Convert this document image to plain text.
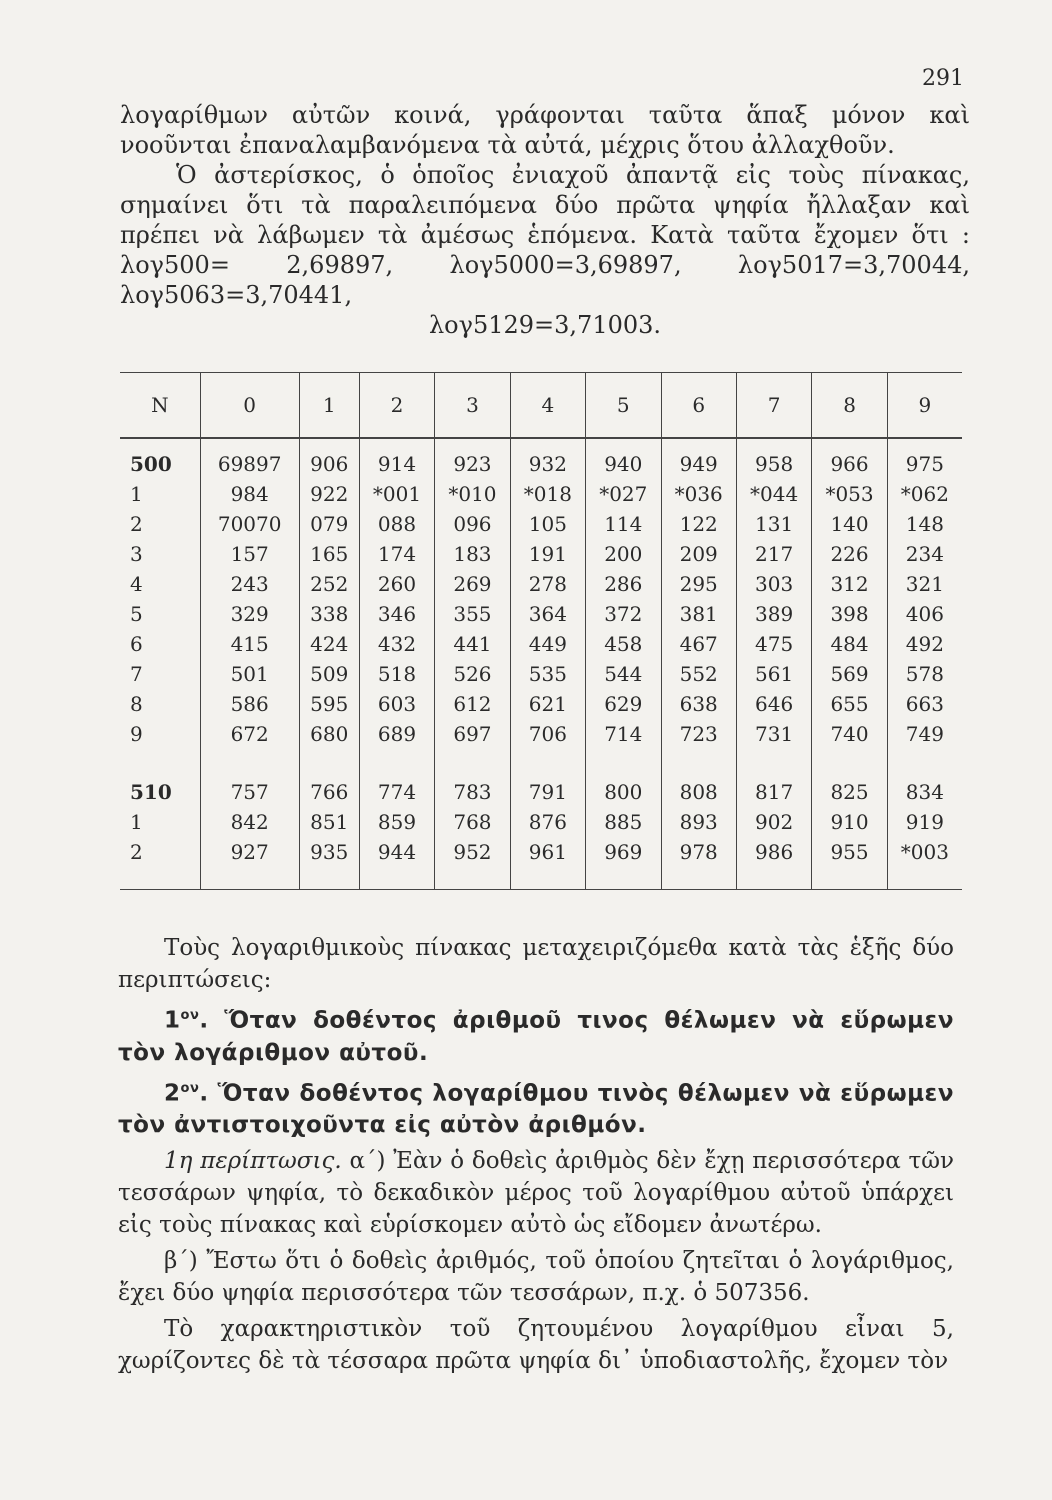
291

λογαρίθμων αὐτῶν κοινά, γράφονται ταῦτα ἅπαξ μόνον καὶ νοοῦνται ἐπαναλαμβανόμενα τὰ αὐτά, μέχρις ὅτου ἀλλαχθοῦν.

Ὁ ἀστερίσκος, ὁ ὁποῖος ἐνιαχοῦ ἀπαντᾷ εἰς τοὺς πίνακας, σημαίνει ὅτι τὰ παραλειπόμενα δύο πρῶτα ψηφία ἤλλαξαν καὶ πρέπει νὰ λάβωμεν τὰ ἀμέσως ἑπόμενα. Κατὰ ταῦτα ἔχομεν ὅτι : λογ500= 2,69897, λογ5000=3,69897, λογ5017=3,70044, λογ5063=3,70441,

λογ5129=3,71003.

N	0	1	2	3	4	5	6	7	8	9
500	69897	906	914	923	932	940	949	958	966	975
1	984	922	*001	*010	*018	*027	*036	*044	*053	*062
2	70070	079	088	096	105	114	122	131	140	148
3	157	165	174	183	191	200	209	217	226	234
4	243	252	260	269	278	286	295	303	312	321
5	329	338	346	355	364	372	381	389	398	406
6	415	424	432	441	449	458	467	475	484	492
7	501	509	518	526	535	544	552	561	569	578
8	586	595	603	612	621	629	638	646	655	663
9	672	680	689	697	706	714	723	731	740	749

510	757	766	774	783	791	800	808	817	825	834
1	842	851	859	768	876	885	893	902	910	919
2	927	935	944	952	961	969	978	986	955	*003

Τοὺς λογαριθμικοὺς πίνακας μεταχειριζόμεθα κατὰ τὰς ἑξῆς δύο περιπτώσεις:

$1^{o\nu}$. Ὅταν δοθέντος ἀριθμοῦ τινος θέλωμεν νὰ εὕρωμεν τὸν λογάριθμον αὐτοῦ.

$2^{o\nu}$. Ὅταν δοθέντος λογαρίθμου τινὸς θέλωμεν νὰ εὕρωμεν τὸν ἀντιστοιχοῦντα εἰς αὐτὸν ἀριθμόν.

1η περίπτωσις. α΄) Ἐὰν ὁ δοθεὶς ἀριθμὸς δὲν ἔχῃ περισσότερα τῶν τεσσάρων ψηφία, τὸ δεκαδικὸν μέρος τοῦ λογαρίθμου αὐτοῦ ὑπάρχει εἰς τοὺς πίνακας καὶ εὑρίσκομεν αὐτὸ ὡς εἴδομεν ἀνωτέρω.

β΄) Ἔστω ὅτι ὁ δοθεὶς ἀριθμός, τοῦ ὁποίου ζητεῖται ὁ λογάριθμος, ἔχει δύο ψηφία περισσότερα τῶν τεσσάρων, π.χ. ὁ 507356.

Τὸ χαρακτηριστικὸν τοῦ ζητουμένου λογαρίθμου εἶναι 5, χωρίζοντες δὲ τὰ τέσσαρα πρῶτα ψηφία δι᾿ ὑποδιαστολῆς, ἔχομεν τὸν
